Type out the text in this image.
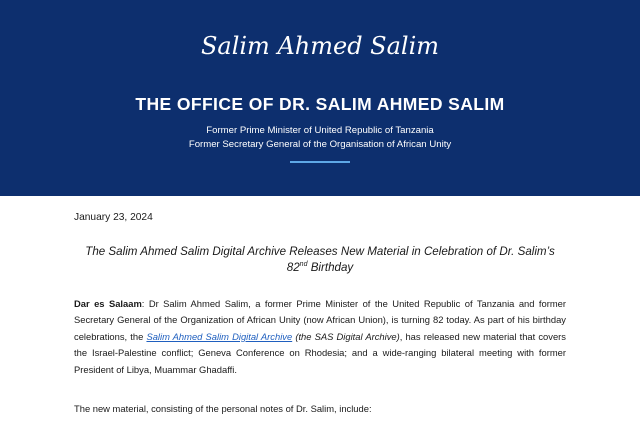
Salim Ahmed Salim
THE OFFICE OF DR. SALIM AHMED SALIM
Former Prime Minister of United Republic of Tanzania
Former Secretary General of the Organisation of African Unity
January 23, 2024
The Salim Ahmed Salim Digital Archive Releases New Material in Celebration of Dr. Salim’s 82nd Birthday
Dar es Salaam: Dr Salim Ahmed Salim, a former Prime Minister of the United Republic of Tanzania and former Secretary General of the Organization of African Unity (now African Union), is turning 82 today. As part of his birthday celebrations, the Salim Ahmed Salim Digital Archive (the SAS Digital Archive), has released new material that covers the Israel-Palestine conflict; Geneva Conference on Rhodesia; and a wide-ranging bilateral meeting with former President of Libya, Muammar Ghadaffi.
The new material, consisting of the personal notes of Dr. Salim, include:
